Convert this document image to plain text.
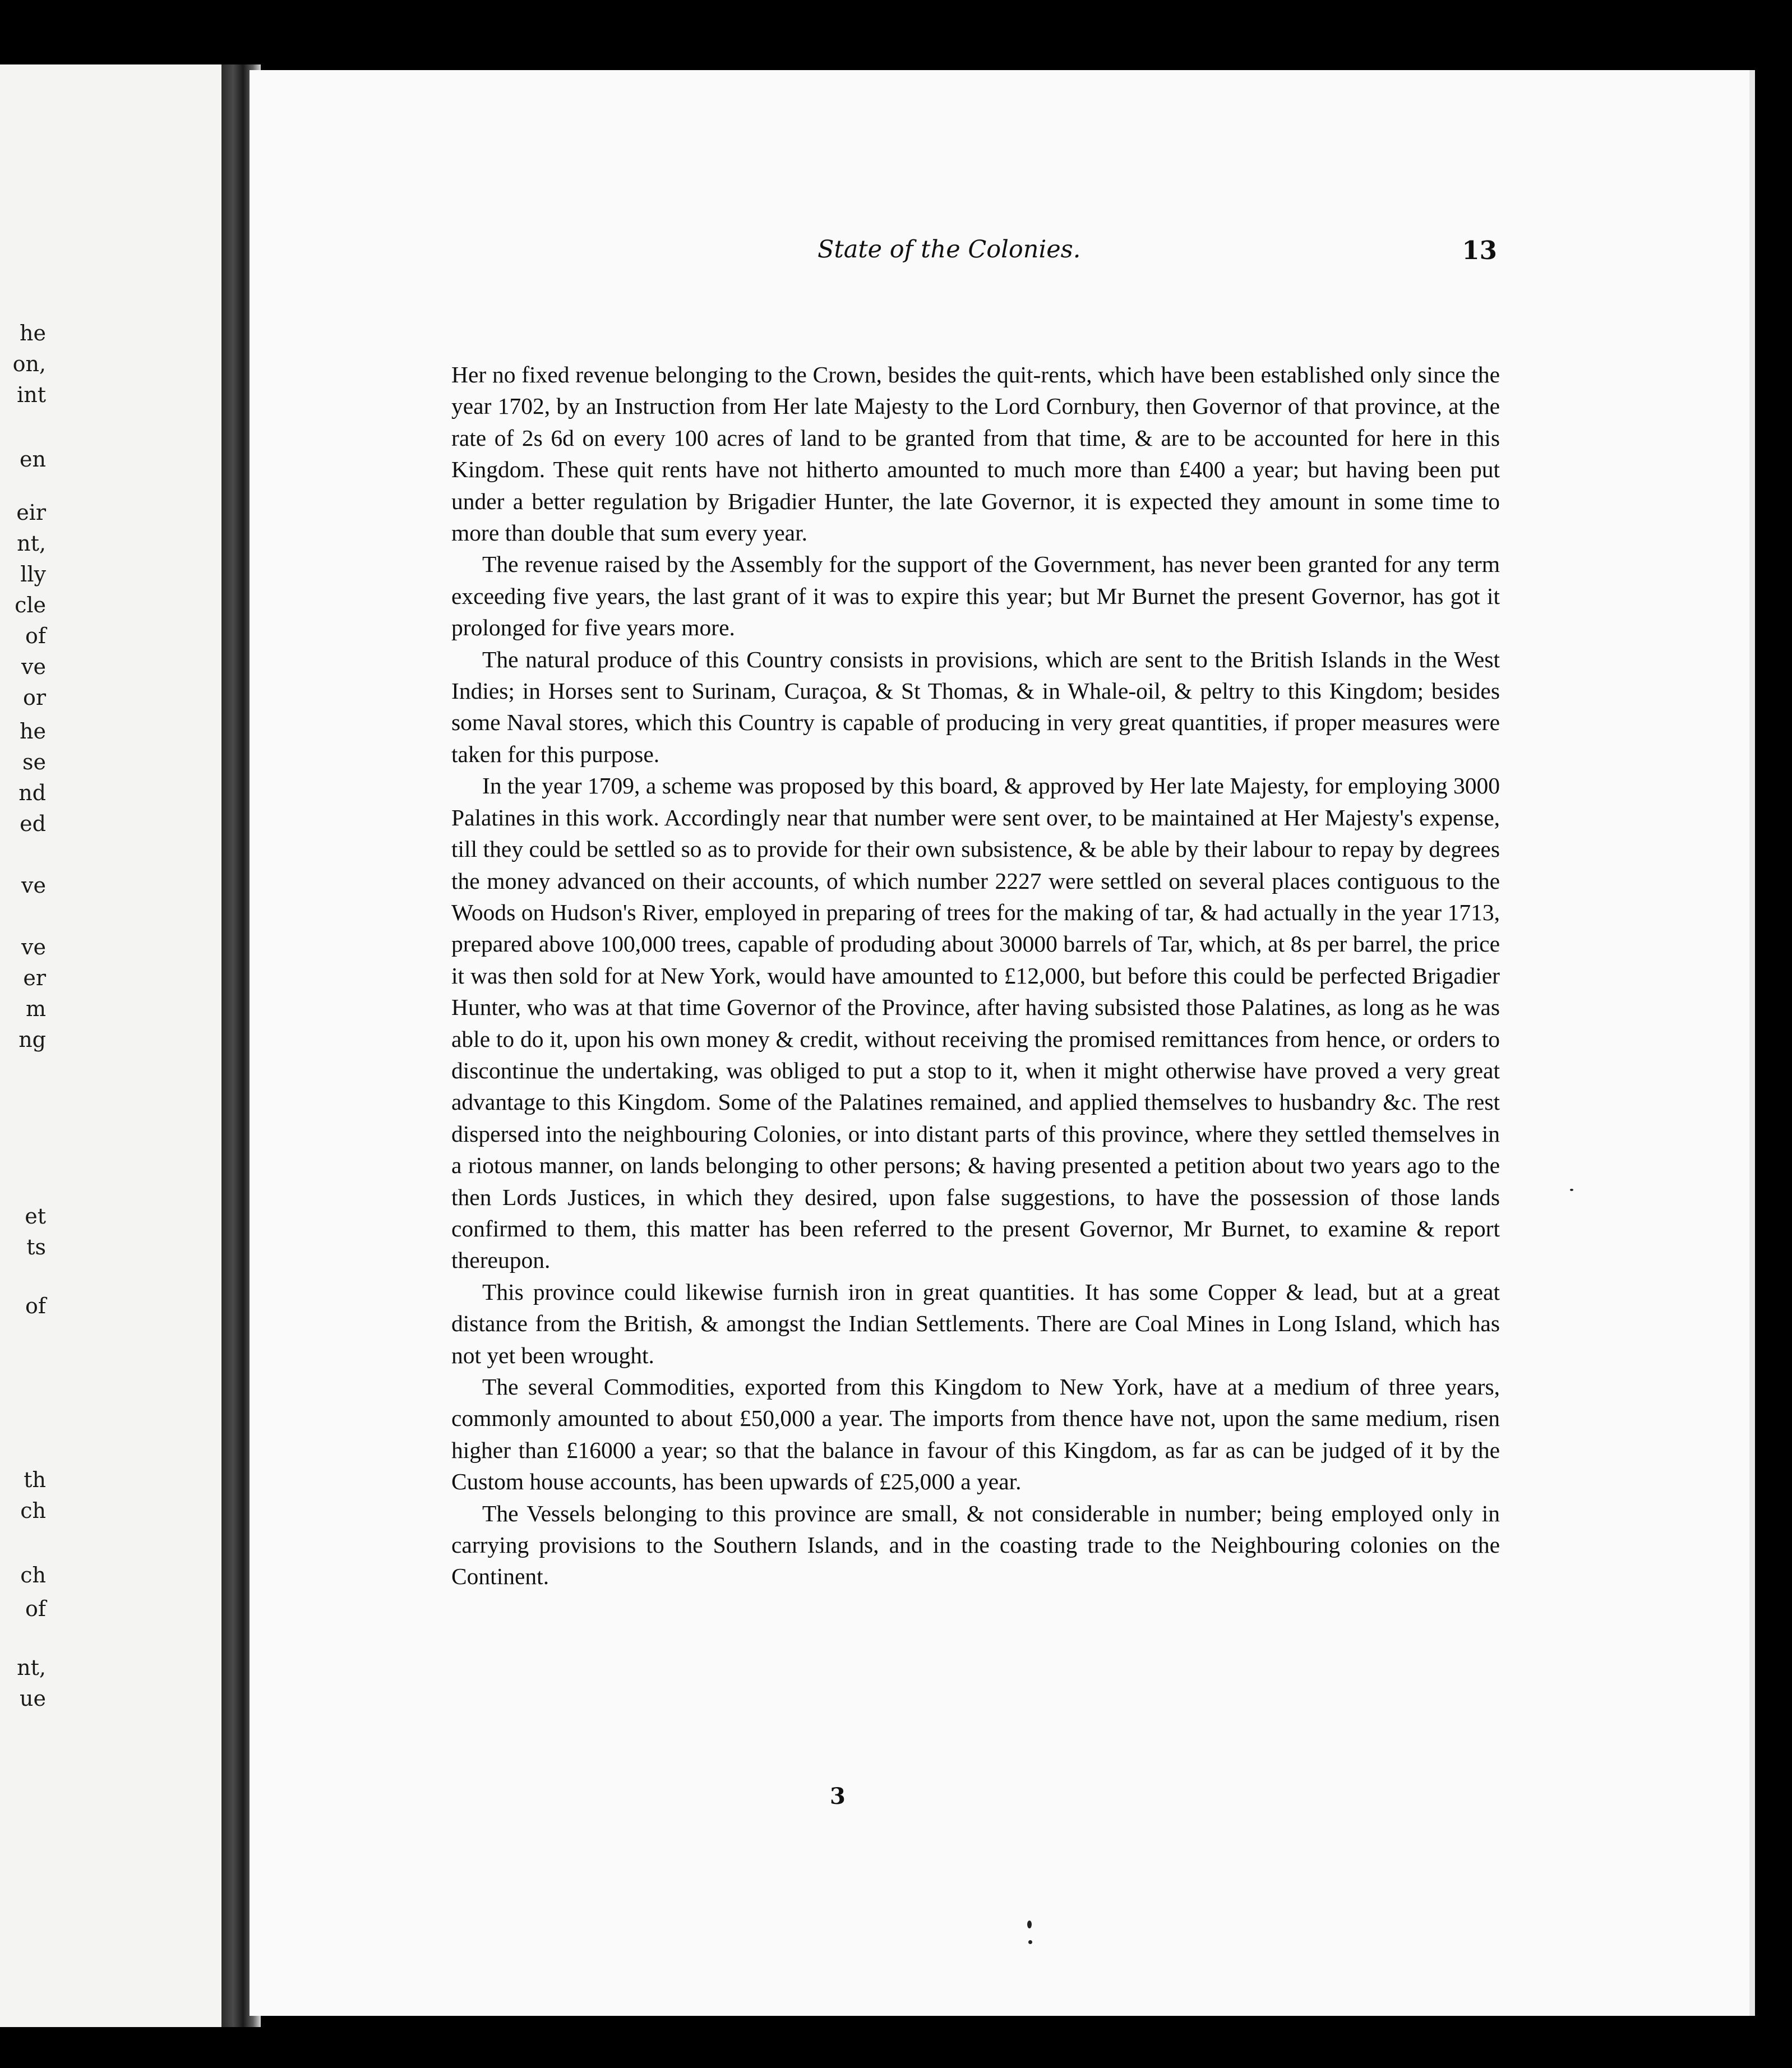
he
on,
int
en
eir
nt,
lly
cle
of
ve
or
he
se
nd
ed
ve
ve
er
m
ng
et
ts
of
th
ch
ch
of
nt,
ue
State of the Colonies.	13

Her no fixed revenue belonging to the Crown, besides the quit-rents, which have been established only since the year 1702, by an Instruction from Her late Majesty to the Lord Cornbury, then Governor of that province, at the rate of 2s 6d on every 100 acres of land to be granted from that time, & are to be accounted for here in this Kingdom. These quit rents have not hitherto amounted to much more than £400 a year; but having been put under a better regulation by Brigadier Hunter, the late Governor, it is expected they amount in some time to more than double that sum every year.

The revenue raised by the Assembly for the support of the Government, has never been granted for any term exceeding five years, the last grant of it was to expire this year; but Mr Burnet the present Governor, has got it prolonged for five years more.

The natural produce of this Country consists in provisions, which are sent to the British Islands in the West Indies; in Horses sent to Surinam, Curaçoa, & St Thomas, & in Whale-oil, & peltry to this Kingdom; besides some Naval stores, which this Country is capable of producing in very great quantities, if proper measures were taken for this purpose.

In the year 1709, a scheme was proposed by this board, & approved by Her late Majesty, for employing 3000 Palatines in this work. Accordingly near that number were sent over, to be maintained at Her Majesty's expense, till they could be settled so as to provide for their own subsistence, & be able by their labour to repay by degrees the money advanced on their accounts, of which number 2227 were settled on several places contiguous to the Woods on Hudson's River, employed in preparing of trees for the making of tar, & had actually in the year 1713, prepared above 100,000 trees, capable of produding about 30000 barrels of Tar, which, at 8s per barrel, the price it was then sold for at New York, would have amounted to £12,000, but before this could be perfected Brigadier Hunter, who was at that time Governor of the Province, after having subsisted those Palatines, as long as he was able to do it, upon his own money & credit, without receiving the promised remittances from hence, or orders to discontinue the undertaking, was obliged to put a stop to it, when it might otherwise have proved a very great advantage to this Kingdom. Some of the Palatines remained, and applied themselves to husbandry &c. The rest dispersed into the neighbouring Colonies, or into distant parts of this province, where they settled themselves in a riotous manner, on lands belonging to other persons; & having presented a petition about two years ago to the then Lords Justices, in which they desired, upon false suggestions, to have the possession of those lands confirmed to them, this matter has been referred to the present Governor, Mr Burnet, to examine & report thereupon.

This province could likewise furnish iron in great quantities. It has some Copper & lead, but at a great distance from the British, & amongst the Indian Settlements. There are Coal Mines in Long Island, which has not yet been wrought.

The several Commodities, exported from this Kingdom to New York, have at a medium of three years, commonly amounted to about £50,000 a year. The imports from thence have not, upon the same medium, risen higher than £16000 a year; so that the balance in favour of this Kingdom, as far as can be judged of it by the Custom house accounts, has been upwards of £25,000 a year.

The Vessels belonging to this province are small, & not considerable in number; being employed only in carrying provisions to the Southern Islands, and in the coasting trade to the Neighbouring colonies on the Continent.

3
